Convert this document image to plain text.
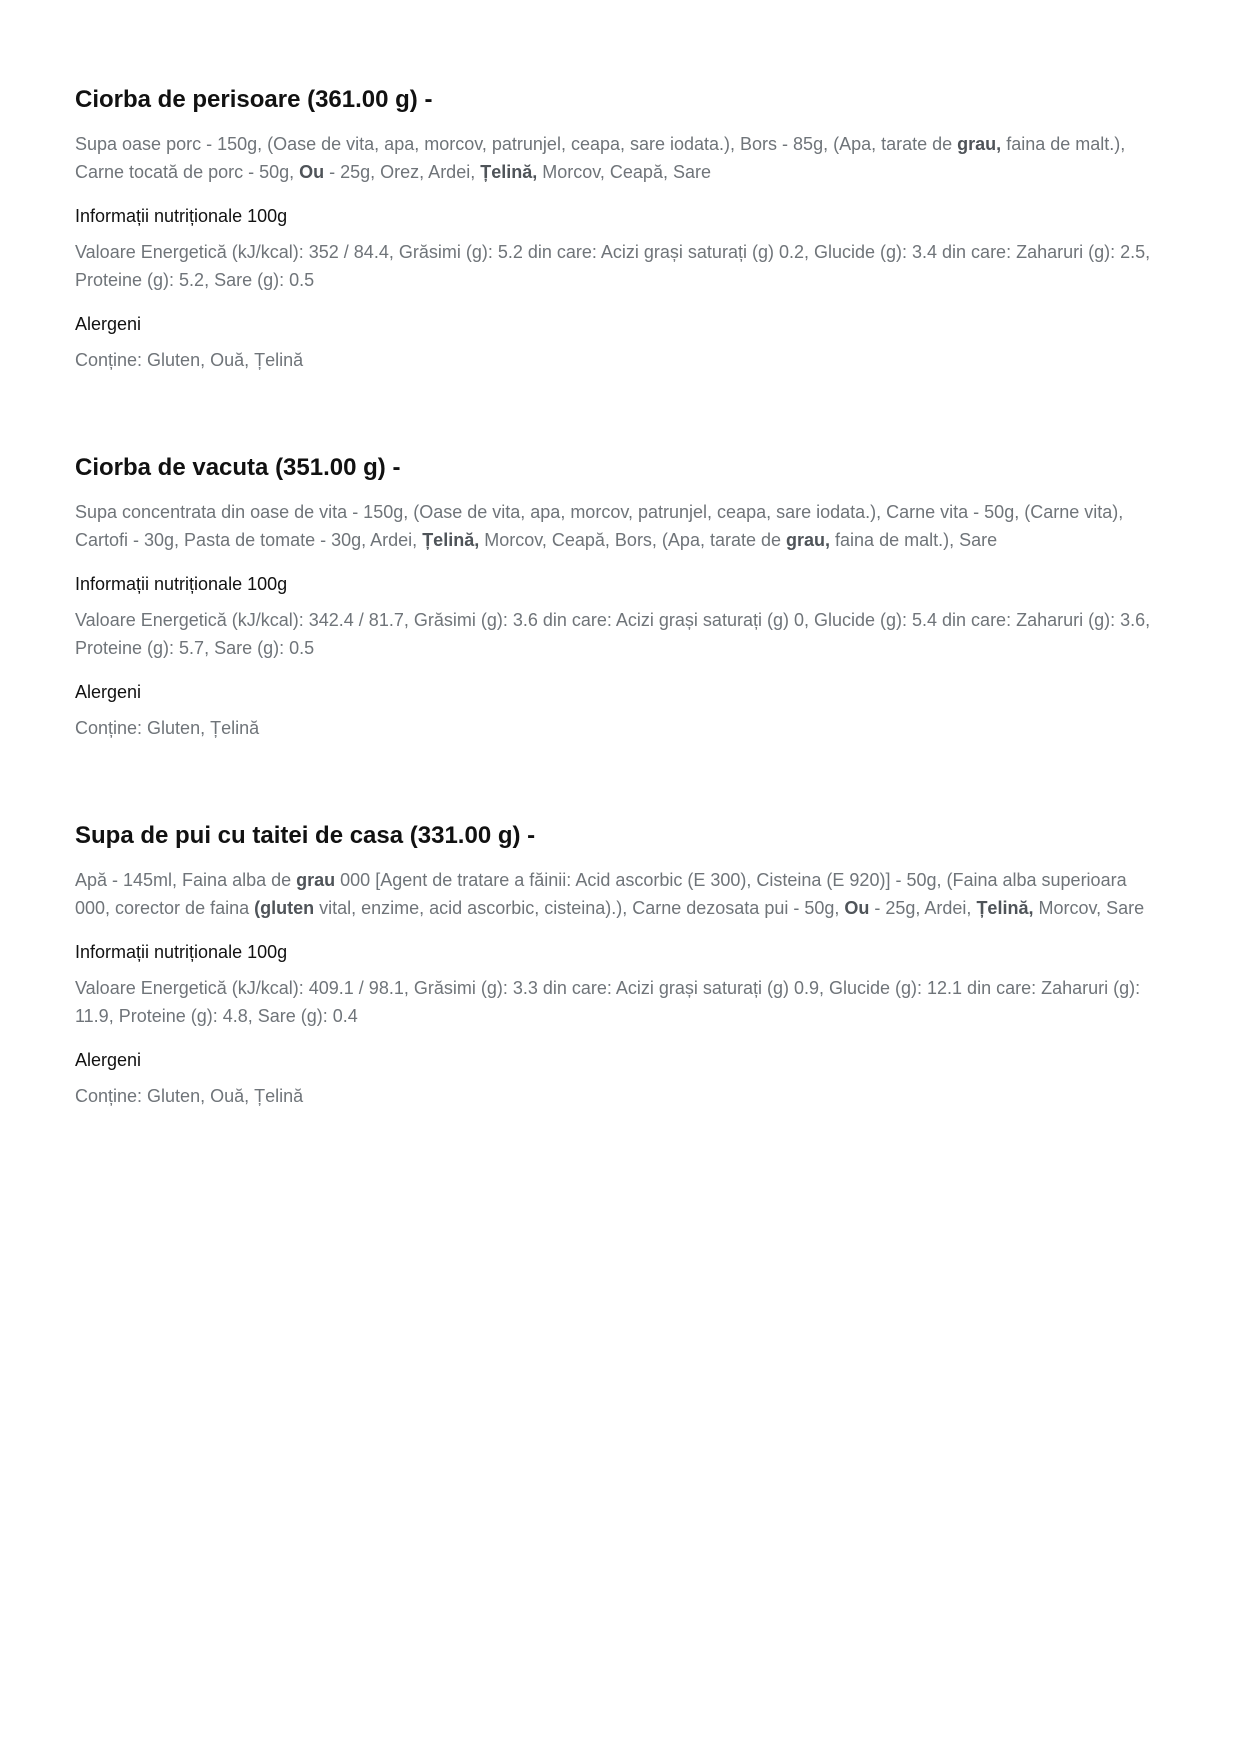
Ciorba de perisoare (361.00 g) -

Supa oase porc - 150g, (Oase de vita, apa, morcov, patrunjel, ceapa, sare iodata.), Bors - 85g, (Apa, tarate de grau, faina de malt.), Carne tocată de porc - 50g, Ou - 25g, Orez, Ardei, Țelină, Morcov, Ceapă, Sare

Informații nutriționale 100g

Valoare Energetică (kJ/kcal): 352 / 84.4, Grăsimi (g): 5.2 din care: Acizi grași saturați (g) 0.2, Glucide (g): 3.4 din care: Zaharuri (g): 2.5, Proteine (g): 5.2, Sare (g): 0.5

Alergeni

Conține: Gluten, Ouă, Țelină

Ciorba de vacuta (351.00 g) -

Supa concentrata din oase de vita - 150g, (Oase de vita, apa, morcov, patrunjel, ceapa, sare iodata.), Carne vita - 50g, (Carne vita), Cartofi - 30g, Pasta de tomate - 30g, Ardei, Țelină, Morcov, Ceapă, Bors, (Apa, tarate de grau, faina de malt.), Sare

Informații nutriționale 100g

Valoare Energetică (kJ/kcal): 342.4 / 81.7, Grăsimi (g): 3.6 din care: Acizi grași saturați (g) 0, Glucide (g): 5.4 din care: Zaharuri (g): 3.6, Proteine (g): 5.7, Sare (g): 0.5

Alergeni

Conține: Gluten, Țelină

Supa de pui cu taitei de casa (331.00 g) -

Apă - 145ml, Faina alba de grau 000 [Agent de tratare a făinii: Acid ascorbic (E 300), Cisteina (E 920)] - 50g, (Faina alba superioara 000, corector de faina (gluten vital, enzime, acid ascorbic, cisteina).), Carne dezosata pui - 50g, Ou - 25g, Ardei, Țelină, Morcov, Sare

Informații nutriționale 100g

Valoare Energetică (kJ/kcal): 409.1 / 98.1, Grăsimi (g): 3.3 din care: Acizi grași saturați (g) 0.9, Glucide (g): 12.1 din care: Zaharuri (g): 11.9, Proteine (g): 4.8, Sare (g): 0.4

Alergeni

Conține: Gluten, Ouă, Țelină
